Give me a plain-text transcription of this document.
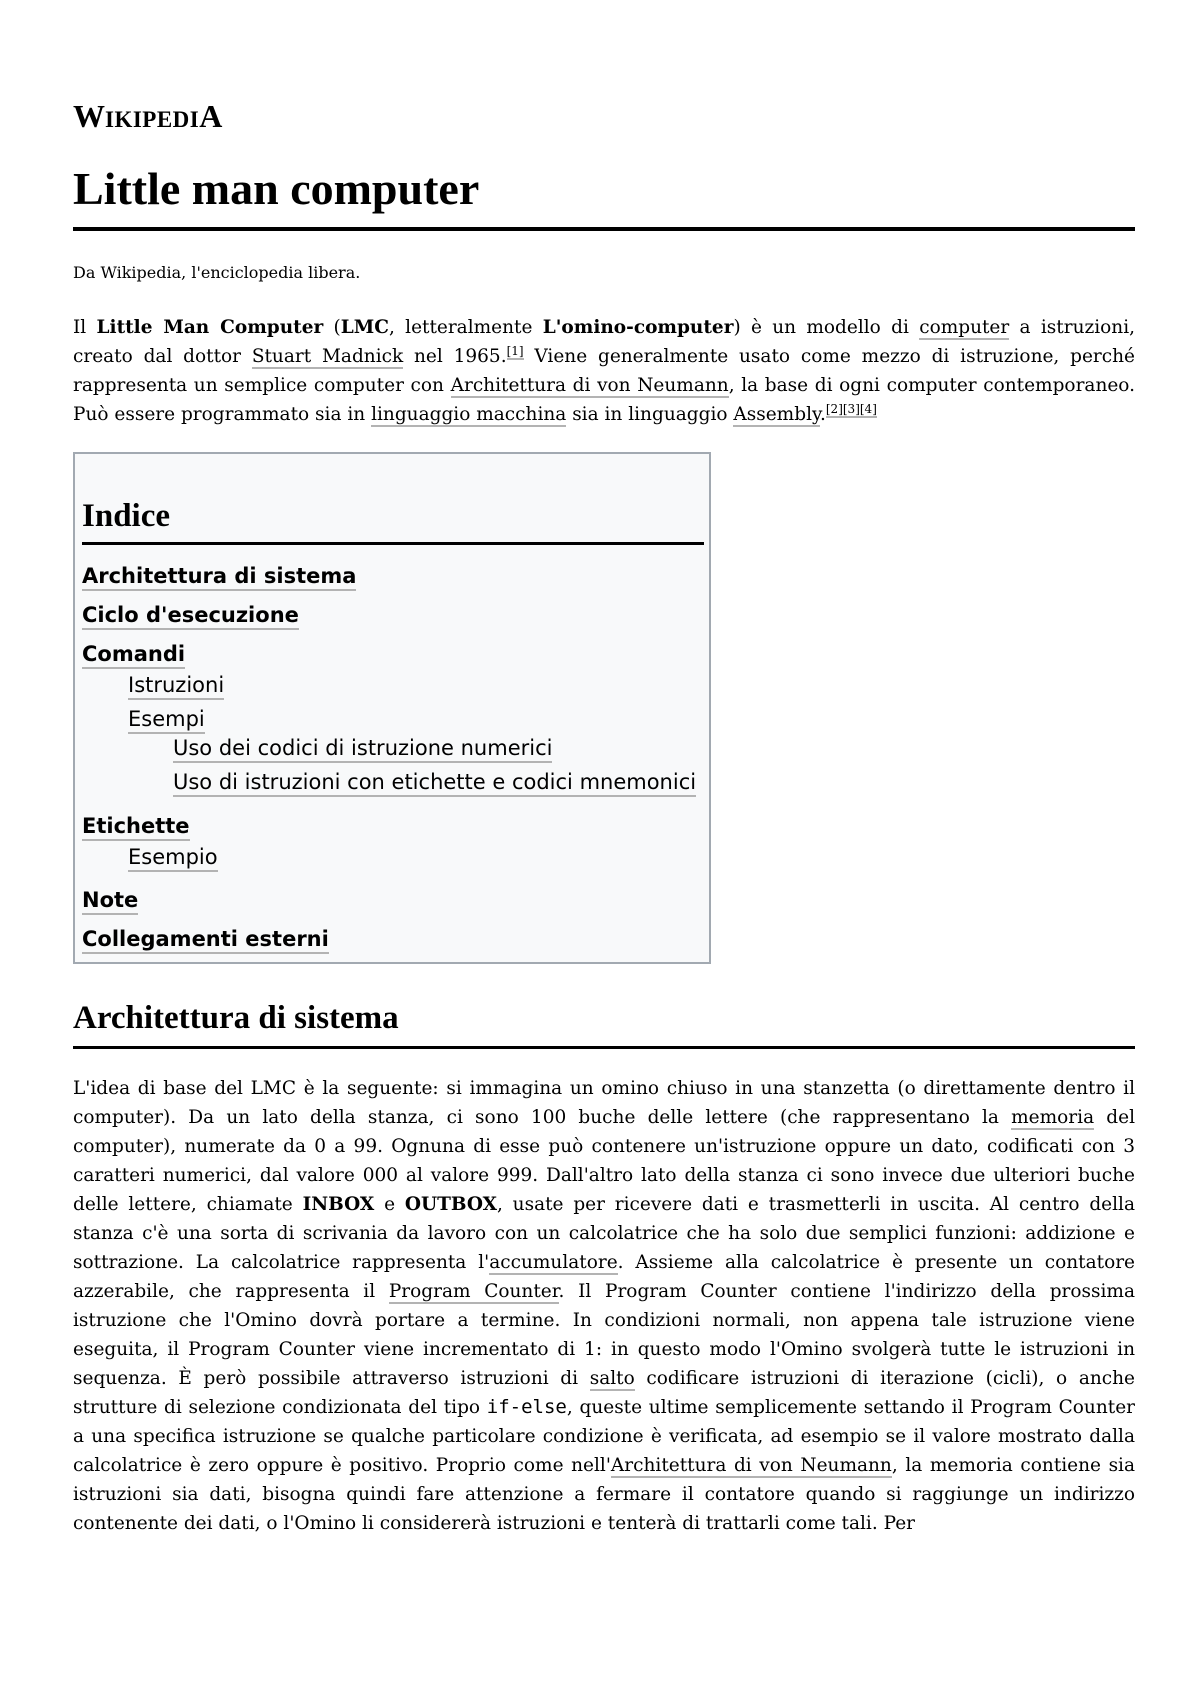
WIKIPEDIA
Little man computer
Da Wikipedia, l'enciclopedia libera.

Il Little Man Computer (LMC, letteralmente L'omino-computer) è un modello di computer a istruzioni, creato dal dottor Stuart Madnick nel 1965.[1] Viene generalmente usato come mezzo di istruzione, perché rappresenta un semplice computer con Architettura di von Neumann, la base di ogni computer contemporaneo. Può essere programmato sia in linguaggio macchina sia in linguaggio Assembly.[2][3][4]

Indice
Architettura di sistema
Ciclo d'esecuzione
Comandi
Istruzioni
Esempi
Uso dei codici di istruzione numerici
Uso di istruzioni con etichette e codici mnemonici
Etichette
Esempio
Note
Collegamenti esterni
Architettura di sistema

L'idea di base del LMC è la seguente: si immagina un omino chiuso in una stanzetta (o direttamente dentro il computer). Da un lato della stanza, ci sono 100 buche delle lettere (che rappresentano la memoria del computer), numerate da 0 a 99. Ognuna di esse può contenere un'istruzione oppure un dato, codificati con 3 caratteri numerici, dal valore 000 al valore 999. Dall'altro lato della stanza ci sono invece due ulteriori buche delle lettere, chiamate INBOX e OUTBOX, usate per ricevere dati e trasmetterli in uscita. Al centro della stanza c'è una sorta di scrivania da lavoro con un calcolatrice che ha solo due semplici funzioni: addizione e sottrazione. La calcolatrice rappresenta l'accumulatore. Assieme alla calcolatrice è presente un contatore azzerabile, che rappresenta il Program Counter. Il Program Counter contiene l'indirizzo della prossima istruzione che l'Omino dovrà portare a termine. In condizioni normali, non appena tale istruzione viene eseguita, il Program Counter viene incrementato di 1: in questo modo l'Omino svolgerà tutte le istruzioni in sequenza. È però possibile attraverso istruzioni di salto codificare istruzioni di iterazione (cicli), o anche strutture di selezione condizionata del tipo if-else, queste ultime semplicemente settando il Program Counter a una specifica istruzione se qualche particolare condizione è verificata, ad esempio se il valore mostrato dalla calcolatrice è zero oppure è positivo. Proprio come nell'Architettura di von Neumann, la memoria contiene sia istruzioni sia dati, bisogna quindi fare attenzione a fermare il contatore quando si raggiunge un indirizzo contenente dei dati, o l'Omino li considererà istruzioni e tenterà di trattarli come tali. Per
